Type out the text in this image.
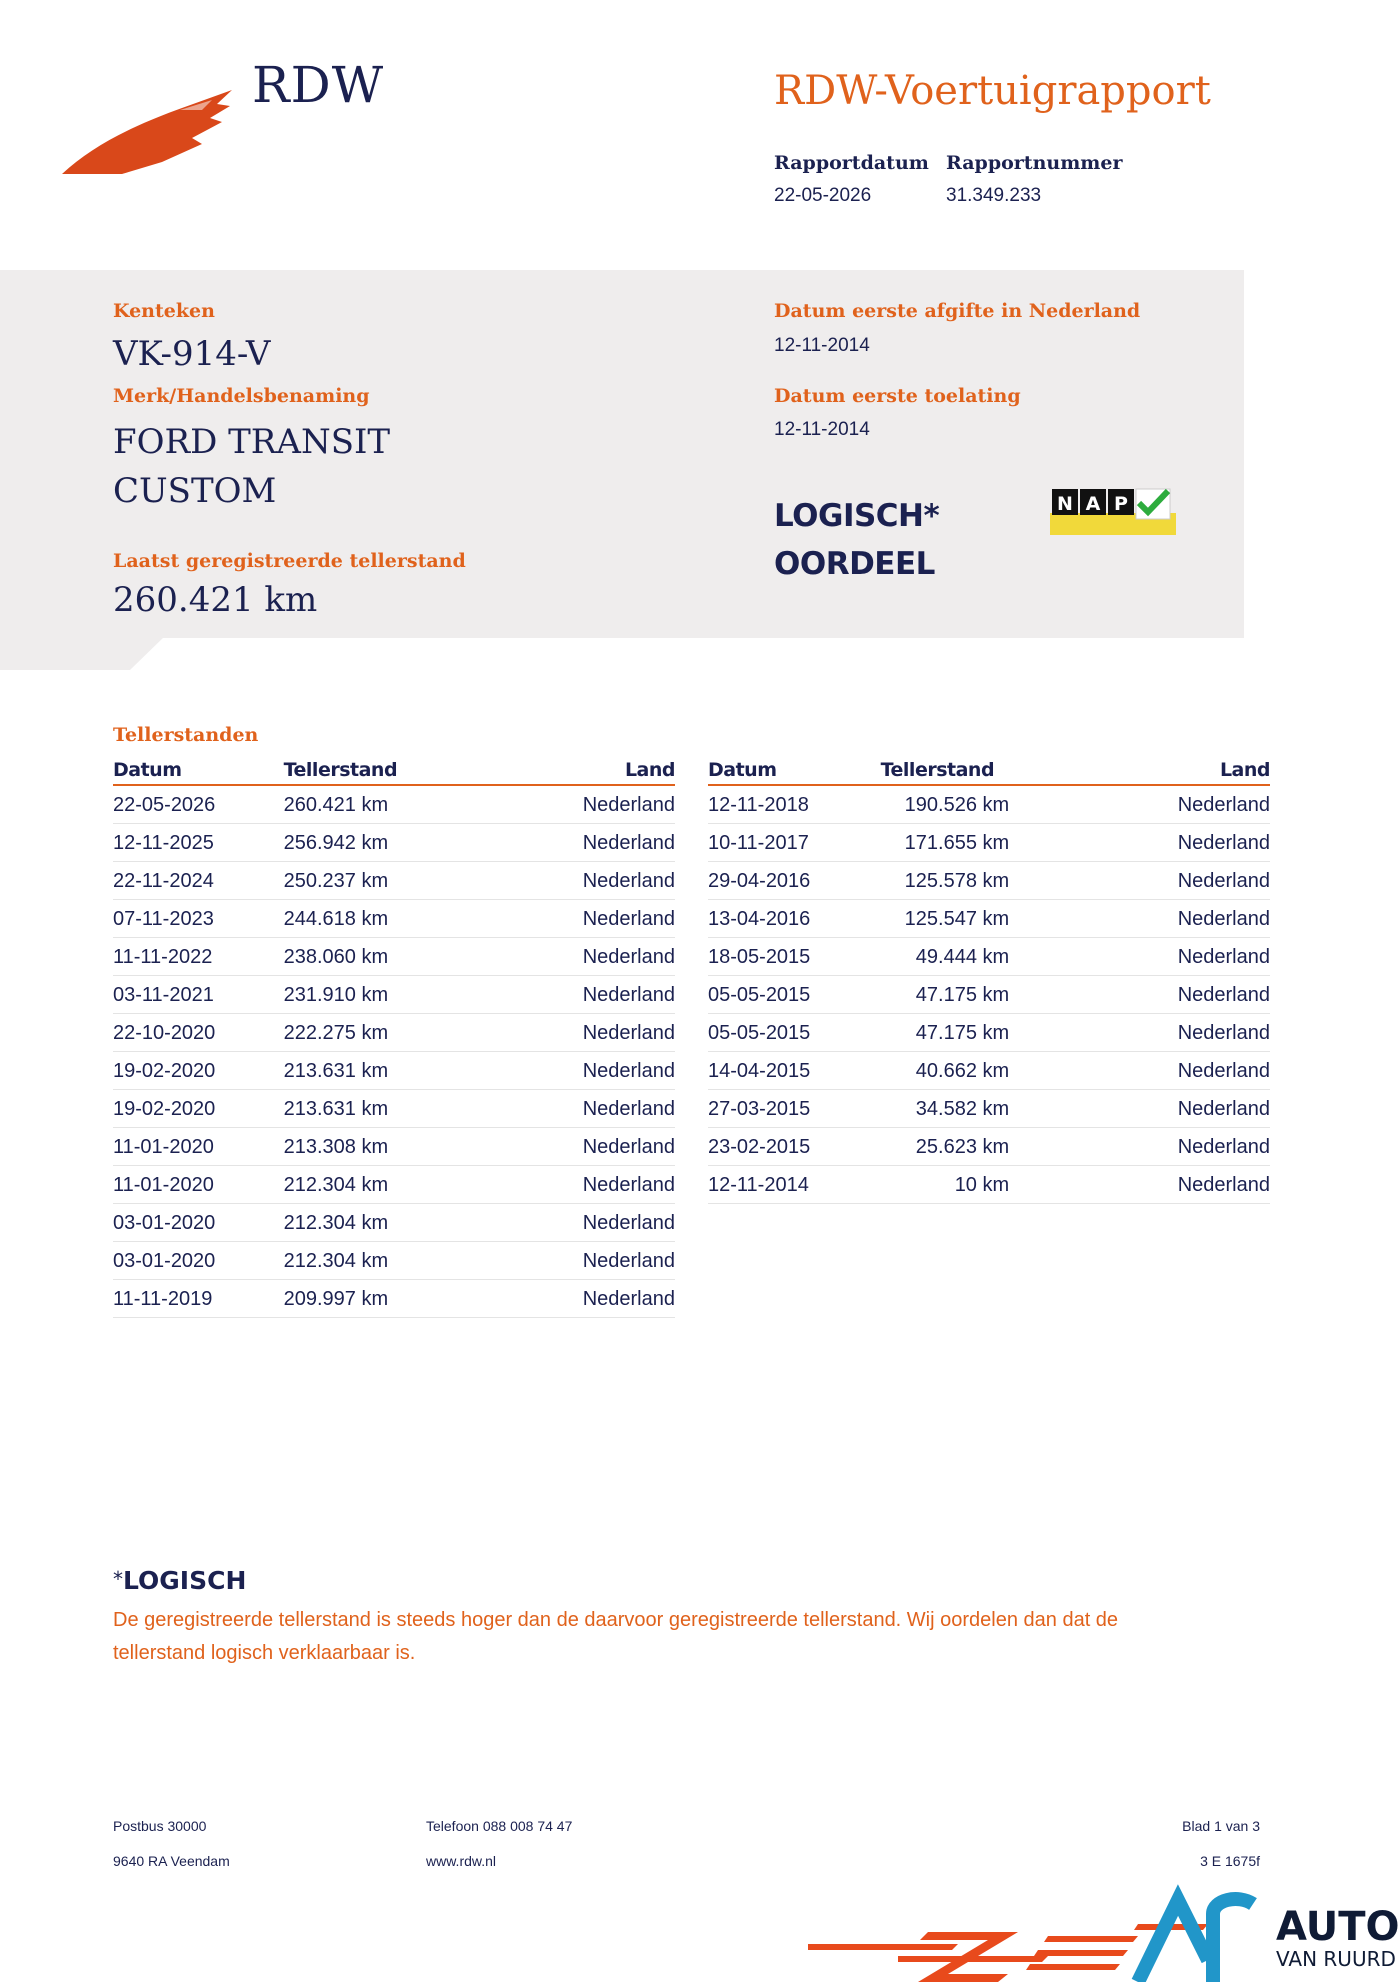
RDW	RDW-Voertuigrapport
Rapportdatum
22-05-2026
Rapportnummer
31.349.233
Kenteken
VK-914-V
Merk/Handelsbenaming
FORD TRANSIT
CUSTOM
Laatst geregistreerde tellerstand
260.421 km
Datum eerste afgifte in Nederland
12-11-2014
Datum eerste toelating
12-11-2014
LOGISCH*
OORDEEL
N A P
Tellerstanden
Datum	Tellerstand	Land
22-05-2026	260.421 km	Nederland
12-11-2025	256.942 km	Nederland
22-11-2024	250.237 km	Nederland
07-11-2023	244.618 km	Nederland
11-11-2022	238.060 km	Nederland
03-11-2021	231.910 km	Nederland
22-10-2020	222.275 km	Nederland
19-02-2020	213.631 km	Nederland
19-02-2020	213.631 km	Nederland
11-01-2020	213.308 km	Nederland
11-01-2020	212.304 km	Nederland
03-01-2020	212.304 km	Nederland
03-01-2020	212.304 km	Nederland
11-11-2019	209.997 km	Nederland
Datum	Tellerstand	Land
12-11-2018	190.526 km	Nederland
10-11-2017	171.655 km	Nederland
29-04-2016	125.578 km	Nederland
13-04-2016	125.547 km	Nederland
18-05-2015	49.444 km	Nederland
05-05-2015	47.175 km	Nederland
05-05-2015	47.175 km	Nederland
14-04-2015	40.662 km	Nederland
27-03-2015	34.582 km	Nederland
23-02-2015	25.623 km	Nederland
12-11-2014	10 km	Nederland
*LOGISCH
De geregistreerde tellerstand is steeds hoger dan de daarvoor geregistreerde tellerstand. Wij oordelen dan dat de tellerstand logisch verklaarbaar is.
Postbus 30000
9640 RA Veendam
Telefoon 088 008 74 47
www.rdw.nl
Blad 1 van 3
3 E 1675f
AUTO
VAN RUURD
